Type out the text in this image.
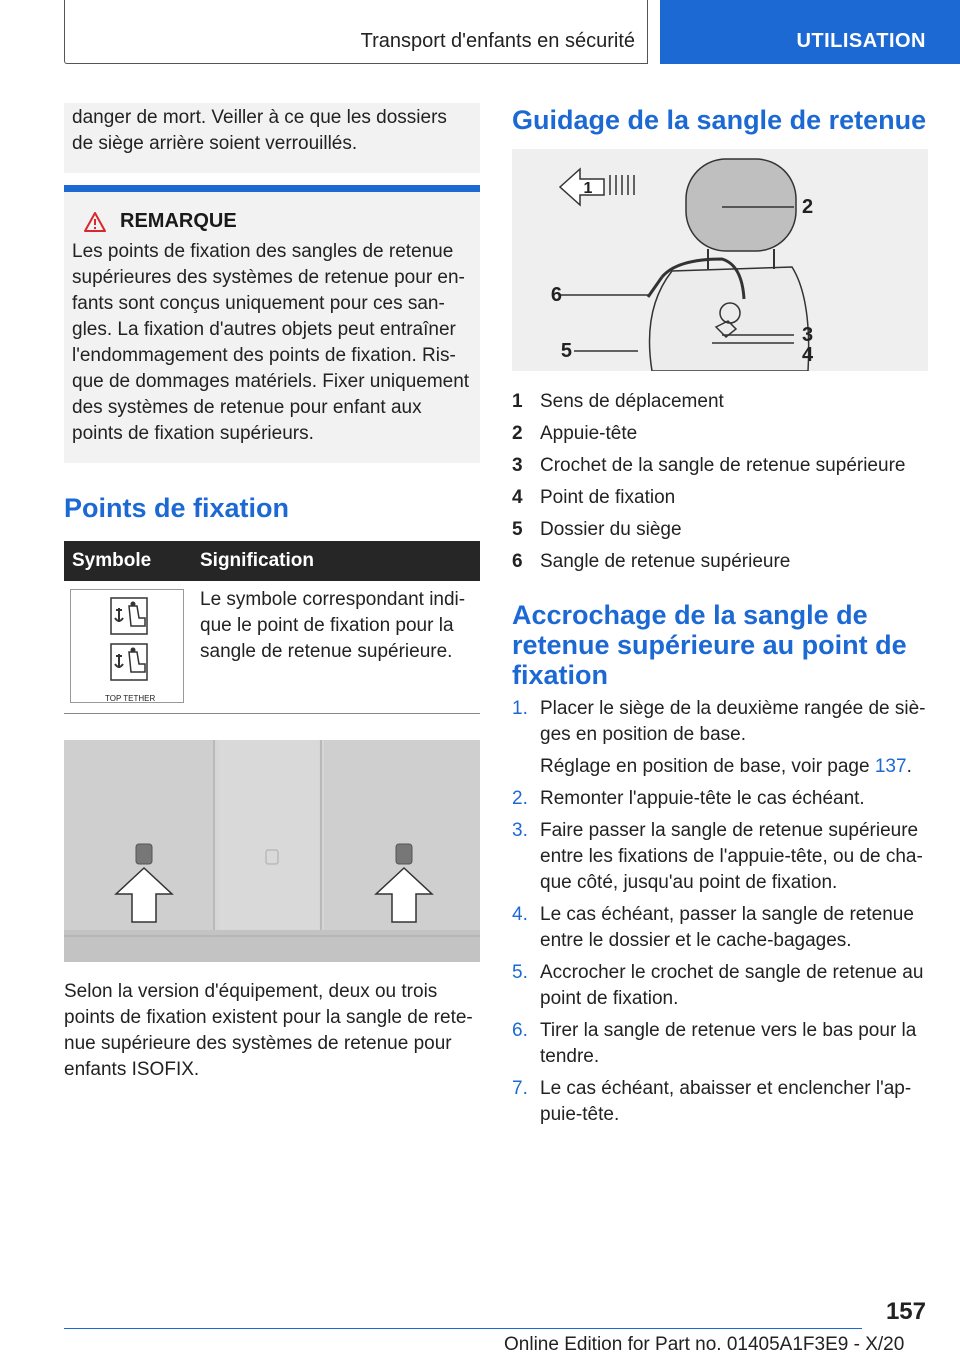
Transport d'enfants en sécurité	UTILISATION
danger de mort. Veiller à ce que les dossiers de siège arrière soient verrouillés.
REMARQUE
Les points de fixation des sangles de retenue supérieures des systèmes de retenue pour en- fants sont conçus uniquement pour ces san- gles. La fixation d'autres objets peut entraîner l'endommagement des points de fixation. Ris- que de dommages matériels. Fixer uniquement des systèmes de retenue pour enfant aux points de fixation supérieurs.
Points de fixation
Symbole	Signification

TOP TETHER	Le symbole correspondant indi- que le point de fixation pour la sangle de retenue supérieure.
Selon la version d'équipement, deux ou trois points de fixation existent pour la sangle de rete- nue supérieure des systèmes de retenue pour enfants ISOFIX.
Guidage de la sangle de retenue
1
2
6
3
4
5
1 Sens de déplacement
2 Appuie-tête
3 Crochet de la sangle de retenue supérieure
4 Point de fixation
5 Dossier du siège
6 Sangle de retenue supérieure
Accrochage de la sangle de retenue supérieure au point de fixation
1. Placer le siège de la deuxième rangée de siè- ges en position de base.
Réglage en position de base, voir page 137.
2. Remonter l'appuie-tête le cas échéant.
3. Faire passer la sangle de retenue supérieure entre les fixations de l'appuie-tête, ou de cha- que côté, jusqu'au point de fixation.
4. Le cas échéant, passer la sangle de retenue entre le dossier et le cache-bagages.
5. Accrocher le crochet de sangle de retenue au point de fixation.
6. Tirer la sangle de retenue vers le bas pour la tendre.
7. Le cas échéant, abaisser et enclencher l'ap- puie-tête.
157
Online Edition for Part no. 01405A1F3E9 - X/20
